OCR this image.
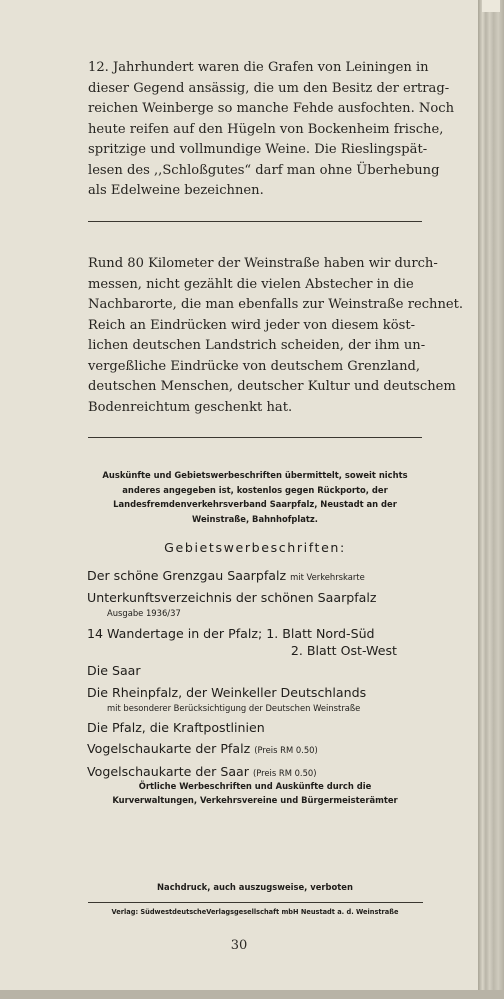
12. Jahrhundert waren die Grafen von Leiningen in
dieser Gegend ansässig, die um den Besitz der ertrag-
reichen Weinberge so manche Fehde ausfochten. Noch
heute reifen auf den Hügeln von Bockenheim frische,
spritzige und vollmundige Weine. Die Rieslingspät-
lesen des ,,Schloßgutes“ darf man ohne Überhebung
als Edelweine bezeichnen.
Rund 80 Kilometer der Weinstraße haben wir durch-
messen, nicht gezählt die vielen Abstecher in die
Nachbarorte, die man ebenfalls zur Weinstraße rechnet.
Reich an Eindrücken wird jeder von diesem köst-
lichen deutschen Landstrich scheiden, der ihm un-
vergeßliche Eindrücke von deutschem Grenzland,
deutschen Menschen, deutscher Kultur und deutschem
Bodenreichtum geschenkt hat.
Auskünfte und Gebietswerbeschriften übermittelt, soweit nichts
anderes angegeben ist, kostenlos gegen Rückporto, der
Landesfremdenverkehrsverband Saarpfalz, Neustadt an der
Weinstraße, Bahnhofplatz.
Gebietswerbeschriften:
Der schöne Grenzgau Saarpfalz mit Verkehrskarte
Unterkunftsverzeichnis der schönen Saarpfalz
Ausgabe 1936/37
14 Wandertage in der Pfalz; 1. Blatt Nord-Süd
2. Blatt Ost-West
Die Saar
Die Rheinpfalz, der Weinkeller Deutschlands
mit besonderer Berücksichtigung der Deutschen Weinstraße
Die Pfalz, die Kraftpostlinien
Vogelschaukarte der Pfalz (Preis RM 0.50)
Vogelschaukarte der Saar (Preis RM 0.50)
Örtliche Werbeschriften und Auskünfte durch die
Kurverwaltungen, Verkehrsvereine und Bürgermeisterämter
Nachdruck, auch auszugsweise, verboten
Verlag: SüdwestdeutscheVerlagsgesellschaft mbH Neustadt a. d. Weinstraße
30
